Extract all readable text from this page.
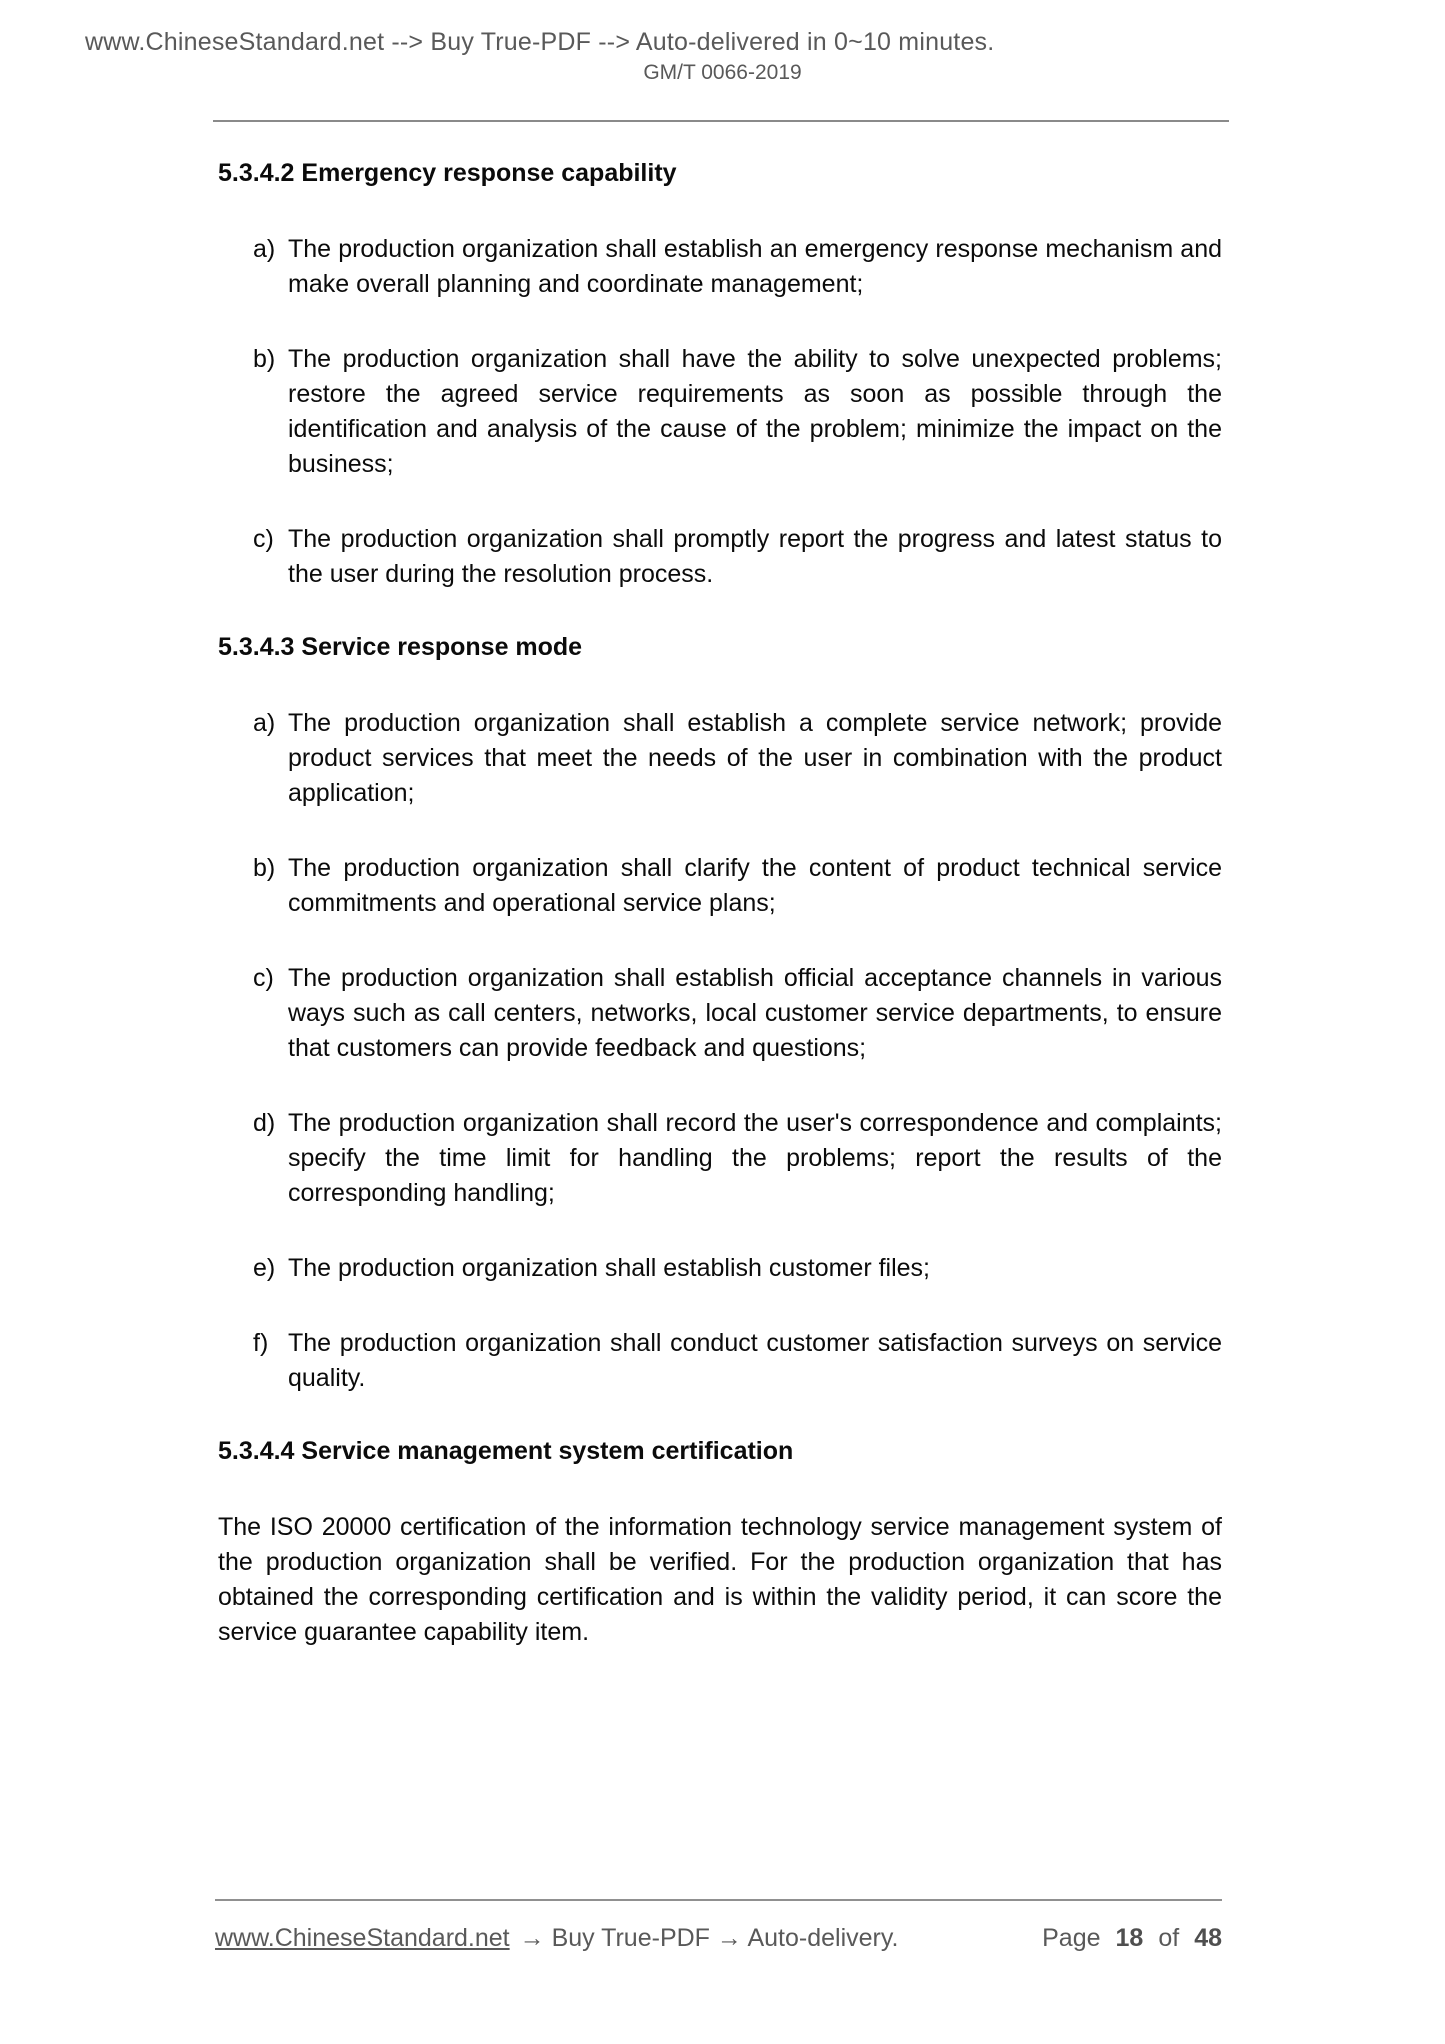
www.ChineseStandard.net --> Buy True-PDF --> Auto-delivered in 0~10 minutes.
GM/T 0066-2019
5.3.4.2 Emergency response capability
a) The production organization shall establish an emergency response mechanism and make overall planning and coordinate management;
b) The production organization shall have the ability to solve unexpected problems; restore the agreed service requirements as soon as possible through the identification and analysis of the cause of the problem; minimize the impact on the business;
c) The production organization shall promptly report the progress and latest status to the user during the resolution process.
5.3.4.3 Service response mode
a) The production organization shall establish a complete service network; provide product services that meet the needs of the user in combination with the product application;
b) The production organization shall clarify the content of product technical service commitments and operational service plans;
c) The production organization shall establish official acceptance channels in various ways such as call centers, networks, local customer service departments, to ensure that customers can provide feedback and questions;
d) The production organization shall record the user's correspondence and complaints; specify the time limit for handling the problems; report the results of the corresponding handling;
e) The production organization shall establish customer files;
f) The production organization shall conduct customer satisfaction surveys on service quality.
5.3.4.4 Service management system certification

The ISO 20000 certification of the information technology service management system of the production organization shall be verified. For the production organization that has obtained the corresponding certification and is within the validity period, it can score the service guarantee capability item.

www.ChineseStandard.net → Buy True-PDF → Auto-delivery.	Page 18 of 48
